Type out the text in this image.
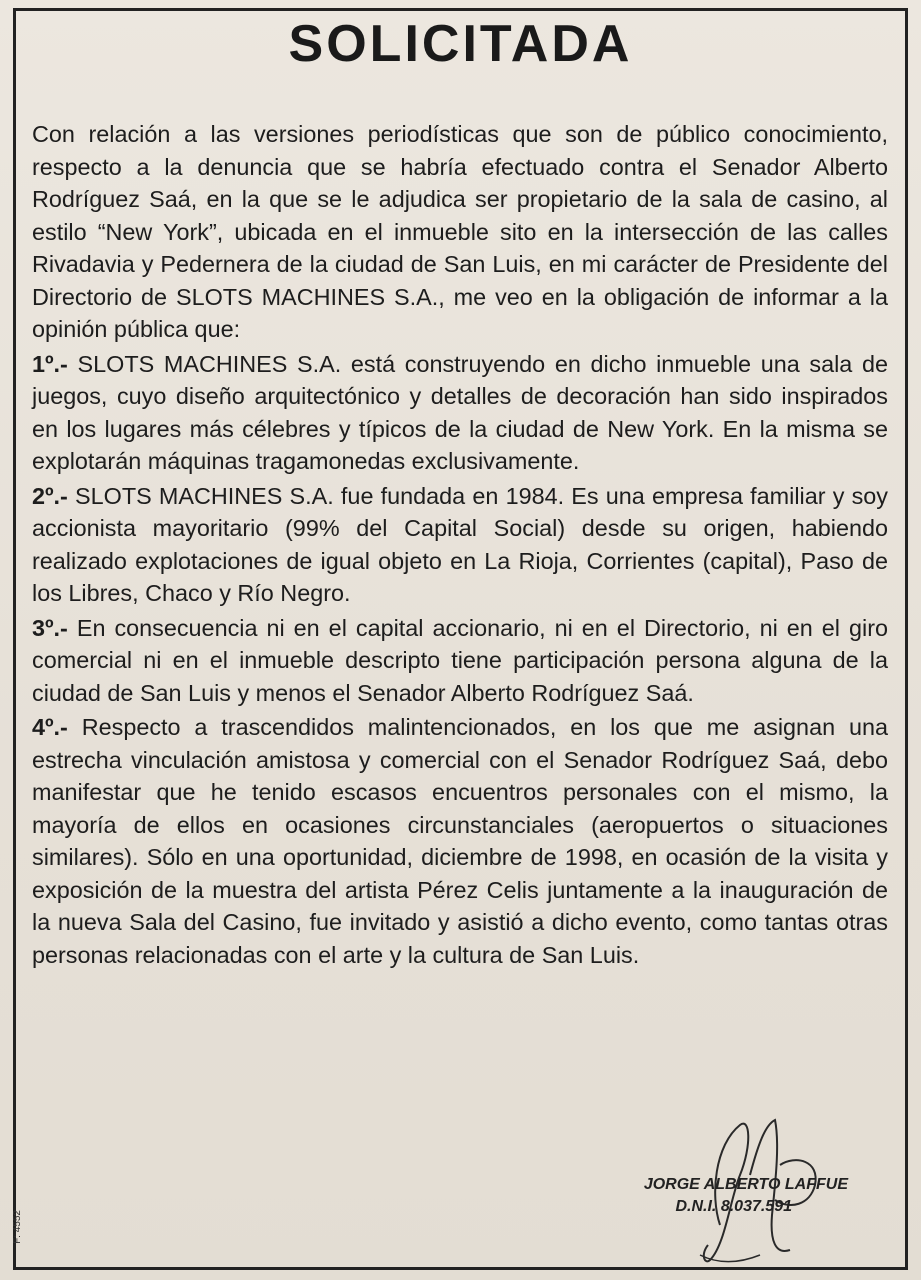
SOLICITADA

Con relación a las versiones periodísticas que son de público conocimiento, respecto a la denuncia que se habría efectuado contra el Senador Alberto Rodríguez Saá, en la que se le adjudica ser propietario de la sala de casino, al estilo “New York”, ubicada en el inmueble sito en la intersección de las calles Rivadavia y Pedernera de la ciudad de San Luis, en mi carácter de Presidente del Directorio de SLOTS MACHINES S.A., me veo en la obligación de informar a la opinión pública que:

1º.- SLOTS MACHINES S.A. está construyendo en dicho inmueble una sala de juegos, cuyo diseño arquitectónico y detalles de decoración han sido inspirados en los lugares más célebres y típicos de la ciudad de New York. En la misma se explotarán máquinas tragamonedas exclusivamente.

2º.- SLOTS MACHINES S.A. fue fundada en 1984. Es una empresa familiar y soy accionista mayoritario (99% del Capital Social) desde su origen, habiendo realizado explotaciones de igual objeto en La Rioja, Corrientes (capital), Paso de los Libres, Chaco y Río Negro.

3º.- En consecuencia ni en el capital accionario, ni en el Directorio, ni en el giro comercial ni en el inmueble descripto tiene participación persona alguna de la ciudad de San Luis y menos el Senador Alberto Rodríguez Saá.

4º.- Respecto a trascendidos malintencionados, en los que me asignan una estrecha vinculación amistosa y comercial con el Senador Rodríguez Saá, debo manifestar que he tenido escasos encuentros personales con el mismo, la mayoría de ellos en ocasiones circunstanciales (aeropuertos o situaciones similares). Sólo en una oportunidad, diciembre de 1998, en ocasión de la visita y exposición de la muestra del artista Pérez Celis juntamente a la inauguración de la nueva Sala del Casino, fue invitado y asistió a dicho evento, como tantas otras personas relacionadas con el arte y la cultura de San Luis.

JORGE ALBERTO LAFFUE
D.N.I. 8.037.591
F: 4552
